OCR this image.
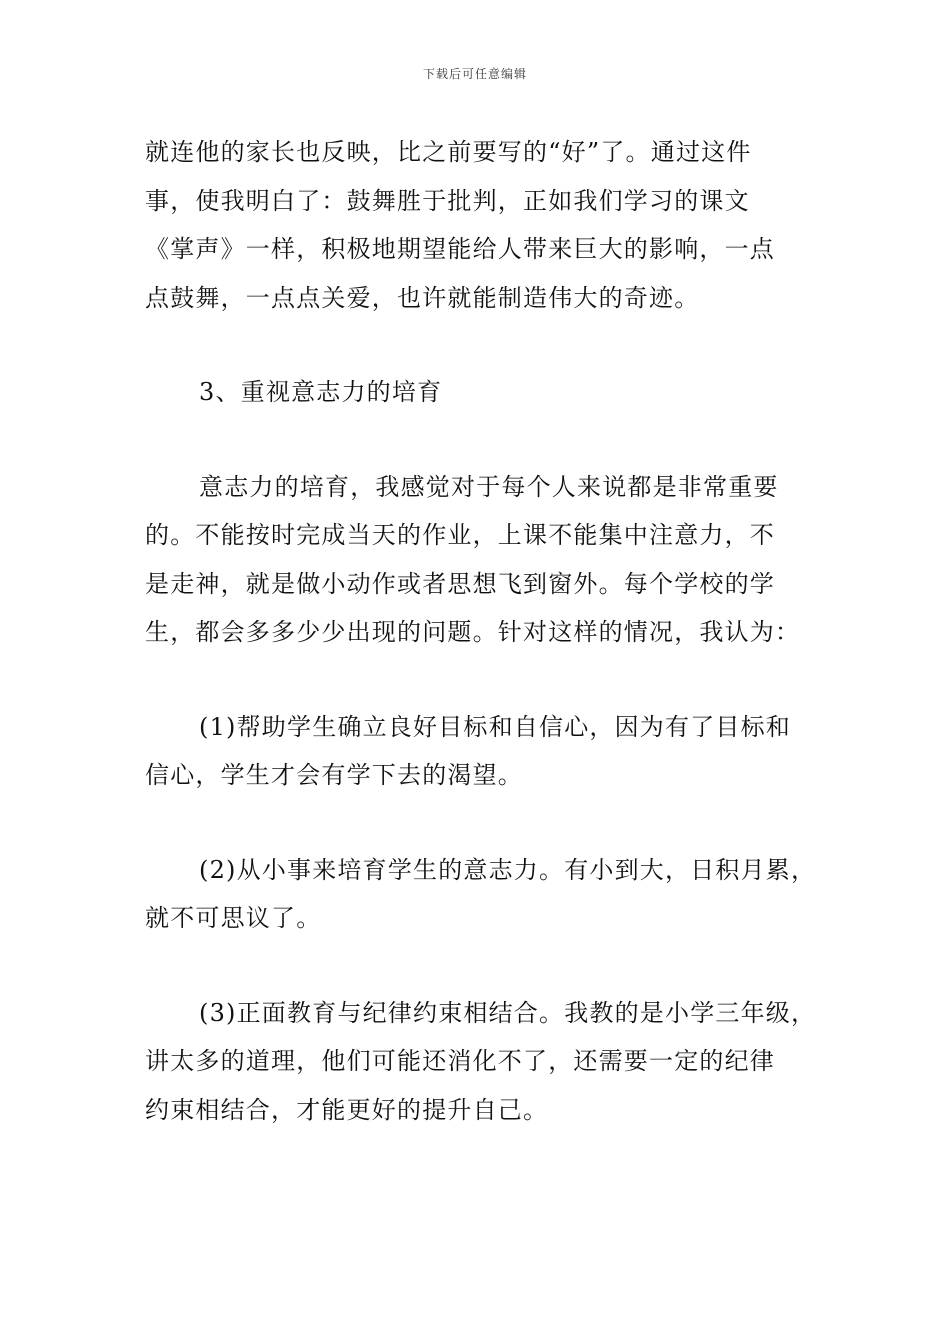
下载后可任意编辑

就连他的家长也反映，比之前要写的“好”了。通过这件
事，使我明白了：鼓舞胜于批判，正如我们学习的课文
《掌声》一样，积极地期望能给人带来巨大的影响，一点
点鼓舞，一点点关爱，也许就能制造伟大的奇迹。

3、重视意志力的培育

意志力的培育，我感觉对于每个人来说都是非常重要
的。不能按时完成当天的作业，上课不能集中注意力，不
是走神，就是做小动作或者思想飞到窗外。每个学校的学
生，都会多多少少出现的问题。针对这样的情况，我认为：

(1)帮助学生确立良好目标和自信心，因为有了目标和
信心，学生才会有学下去的渴望。

(2)从小事来培育学生的意志力。有小到大，日积月累，
就不可思议了。

(3)正面教育与纪律约束相结合。我教的是小学三年级，
讲太多的道理，他们可能还消化不了，还需要一定的纪律
约束相结合，才能更好的提升自己。
